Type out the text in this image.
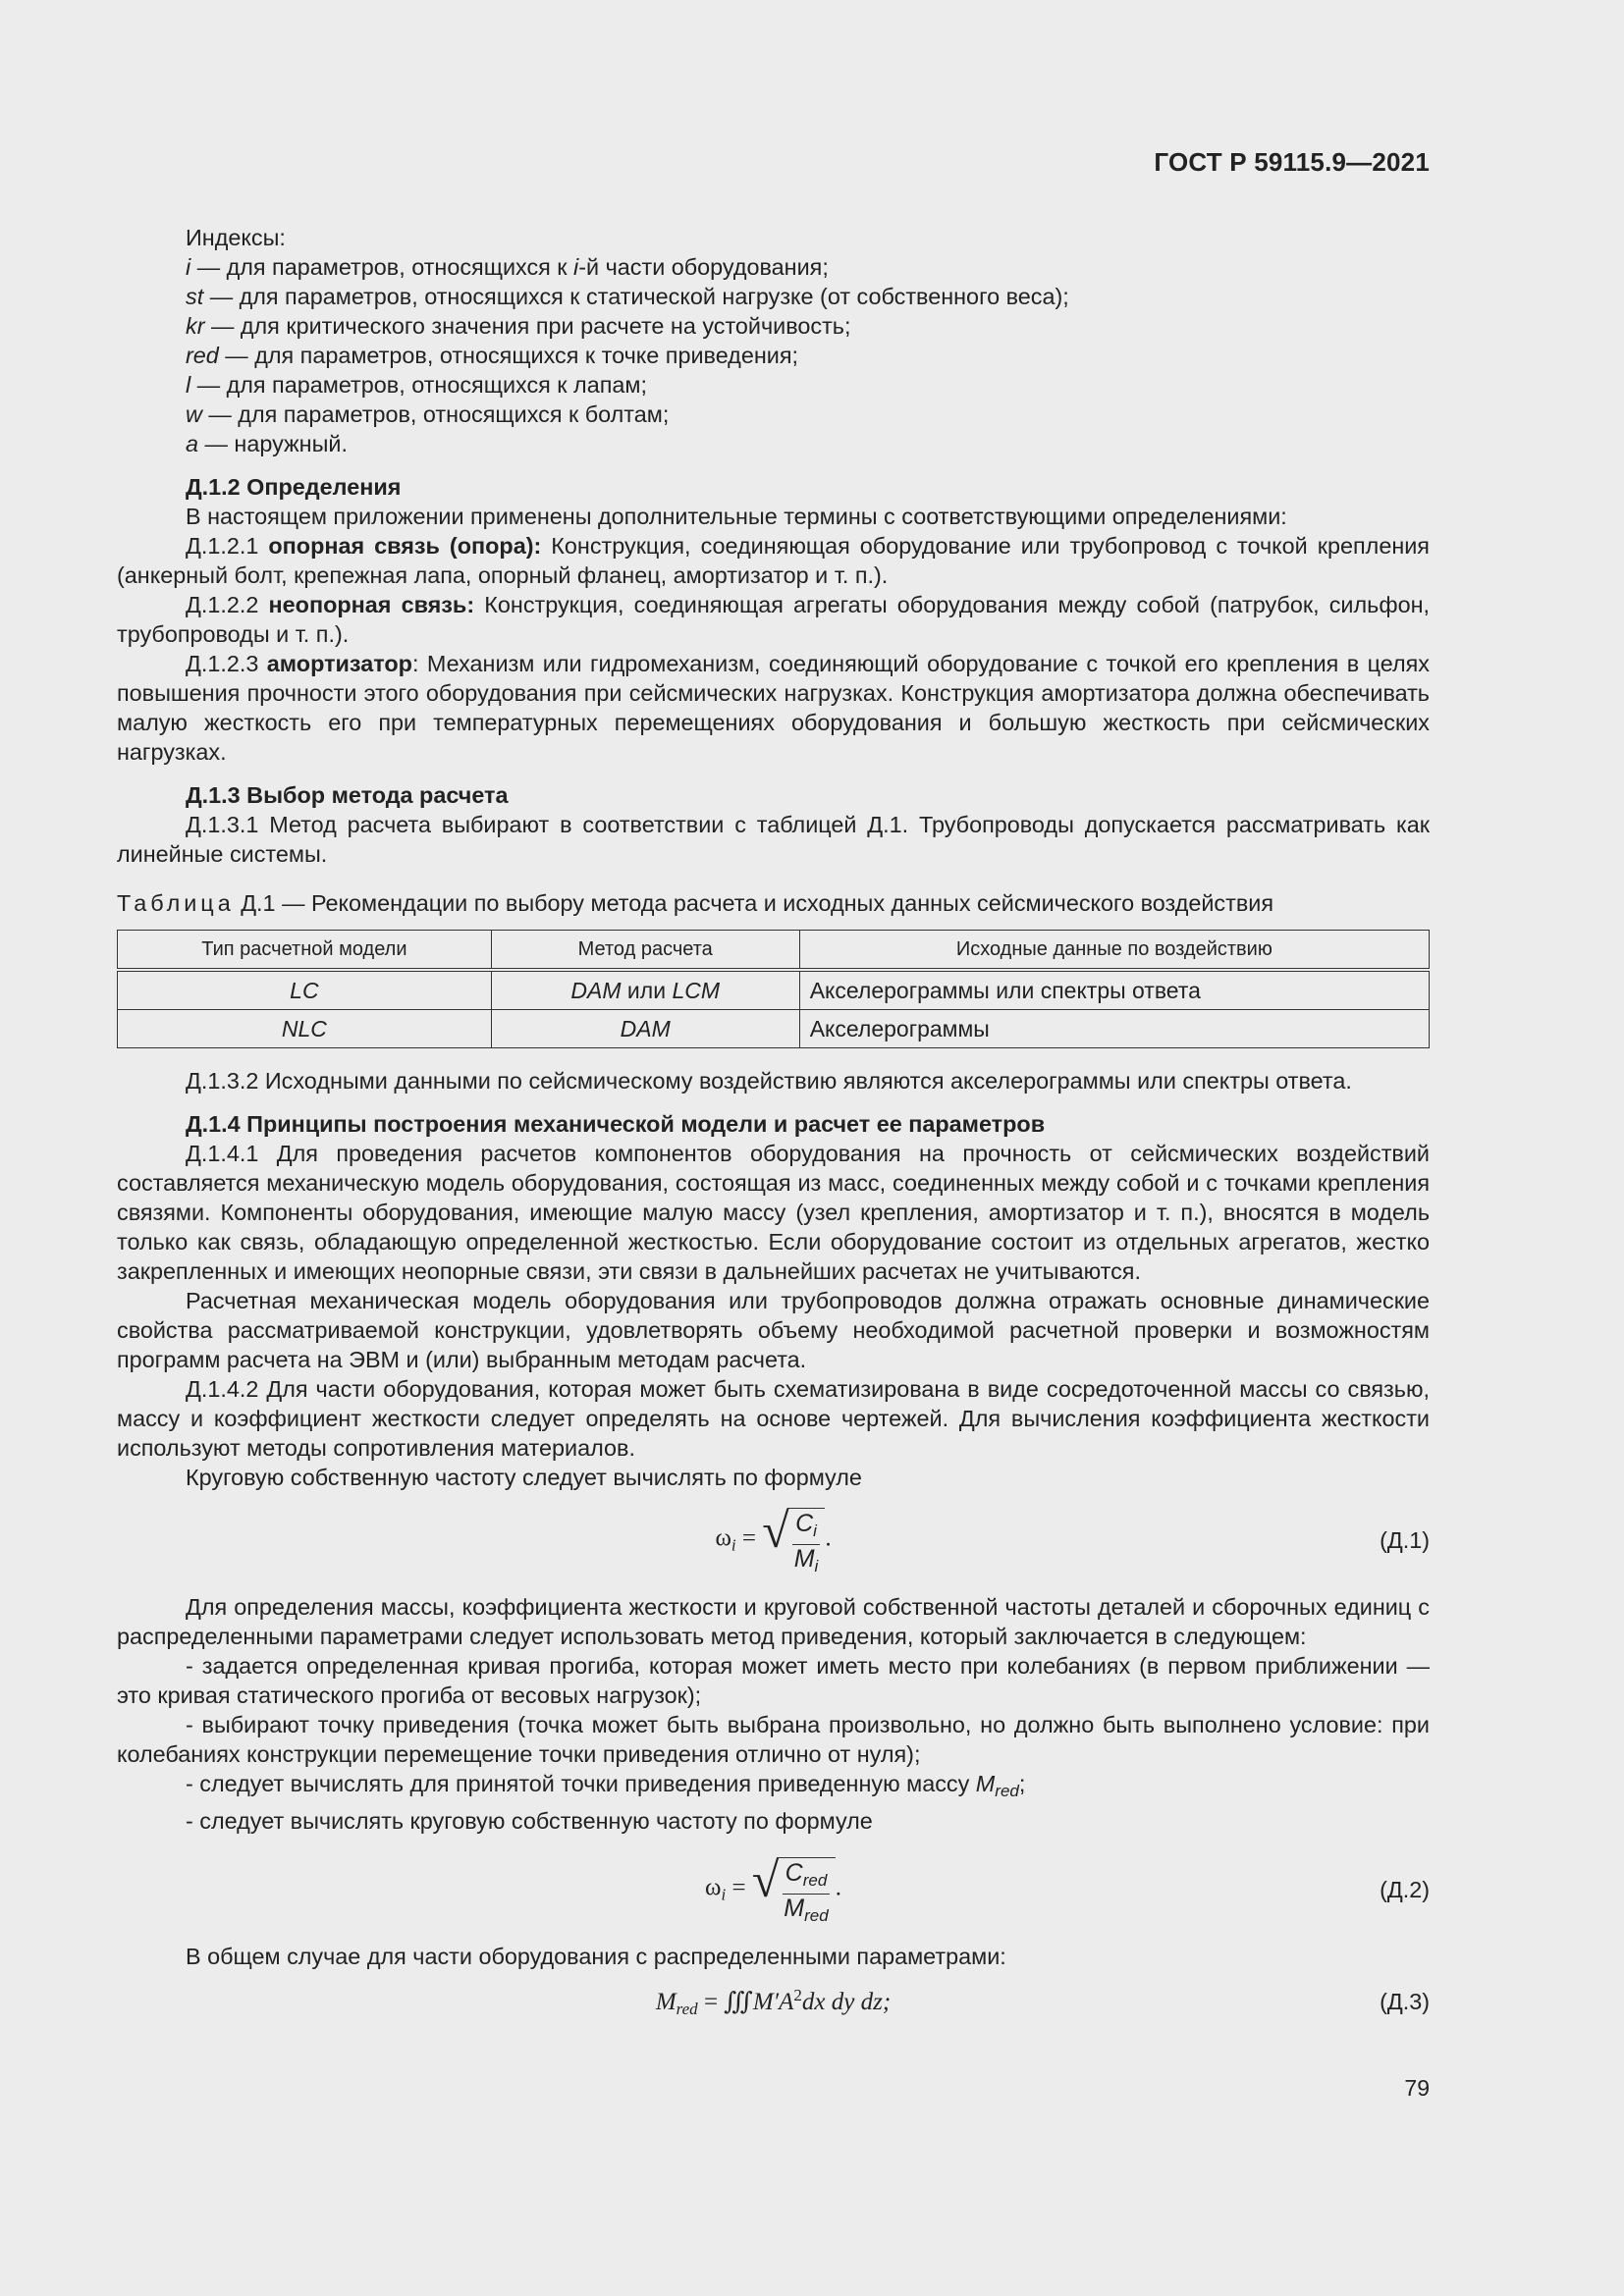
ГОСТ Р 59115.9—2021

Индексы:

i — для параметров, относящихся к i-й части оборудования;

st — для параметров, относящихся к статической нагрузке (от собственного веса);

kr — для критического значения при расчете на устойчивость;

red — для параметров, относящихся к точке приведения;

l — для параметров, относящихся к лапам;

w — для параметров, относящихся к болтам;

a — наружный.

Д.1.2 Определения

В настоящем приложении применены дополнительные термины с соответствующими определениями:

Д.1.2.1 опорная связь (опора): Конструкция, соединяющая оборудование или трубопровод с точкой крепления (анкерный болт, крепежная лапа, опорный фланец, амортизатор и т. п.).

Д.1.2.2 неопорная связь: Конструкция, соединяющая агрегаты оборудования между собой (патрубок, сильфон, трубопроводы и т. п.).

Д.1.2.3 амортизатор: Механизм или гидромеханизм, соединяющий оборудование с точкой его крепления в целях повышения прочности этого оборудования при сейсмических нагрузках. Конструкция амортизатора должна обеспечивать малую жесткость его при температурных перемещениях оборудования и большую жесткость при сейсмических нагрузках.

Д.1.3 Выбор метода расчета

Д.1.3.1 Метод расчета выбирают в соответствии с таблицей Д.1. Трубопроводы допускается рассматривать как линейные системы.

Таблица Д.1 — Рекомендации по выбору метода расчета и исходных данных сейсмического воздействия

Тип расчетной модели	Метод расчета	Исходные данные по воздействию
LC	DAM или LCM	Акселерограммы или спектры ответа
NLC	DAM	Акселерограммы

Д.1.3.2 Исходными данными по сейсмическому воздействию являются акселерограммы или спектры ответа.

Д.1.4 Принципы построения механической модели и расчет ее параметров

Д.1.4.1 Для проведения расчетов компонентов оборудования на прочность от сейсмических воздействий составляется механическую модель оборудования, состоящая из масс, соединенных между собой и с точками крепления связями. Компоненты оборудования, имеющие малую массу (узел крепления, амортизатор и т. п.), вносятся в модель только как связь, обладающую определенной жесткостью. Если оборудование состоит из отдельных агрегатов, жестко закрепленных и имеющих неопорные связи, эти связи в дальнейших расчетах не учитываются.

Расчетная механическая модель оборудования или трубопроводов должна отражать основные динамические свойства рассматриваемой конструкции, удовлетворять объему необходимой расчетной проверки и возможностям программ расчета на ЭВМ и (или) выбранным методам расчета.

Д.1.4.2 Для части оборудования, которая может быть схематизирована в виде сосредоточенной массы со связью, массу и коэффициент жесткости следует определять на основе чертежей. Для вычисления коэффициента жесткости используют методы сопротивления материалов.

Круговую собственную частоту следует вычислять по формуле

$\omega_i$ = √ $\frac{C_i}{M_i}$ .	(Д.1)

Для определения массы, коэффициента жесткости и круговой собственной частоты деталей и сборочных единиц с распределенными параметрами следует использовать метод приведения, который заключается в следующем:

- задается определенная кривая прогиба, которая может иметь место при колебаниях (в первом приближении — это кривая статического прогиба от весовых нагрузок);

- выбирают точку приведения (точка может быть выбрана произвольно, но должно быть выполнено условие: при колебаниях конструкции перемещение точки приведения отлично от нуля);

- следует вычислять для принятой точки приведения приведенную массу $M_{red}$;

- следует вычислять круговую собственную частоту по формуле

$\omega_i$ = √ $\frac{C_{red}}{M_{red}}$ .	(Д.2)

В общем случае для части оборудования с распределенными параметрами:

$M_{red}$ = $∭M'A^2dx$ dy dz;	(Д.3)
79
